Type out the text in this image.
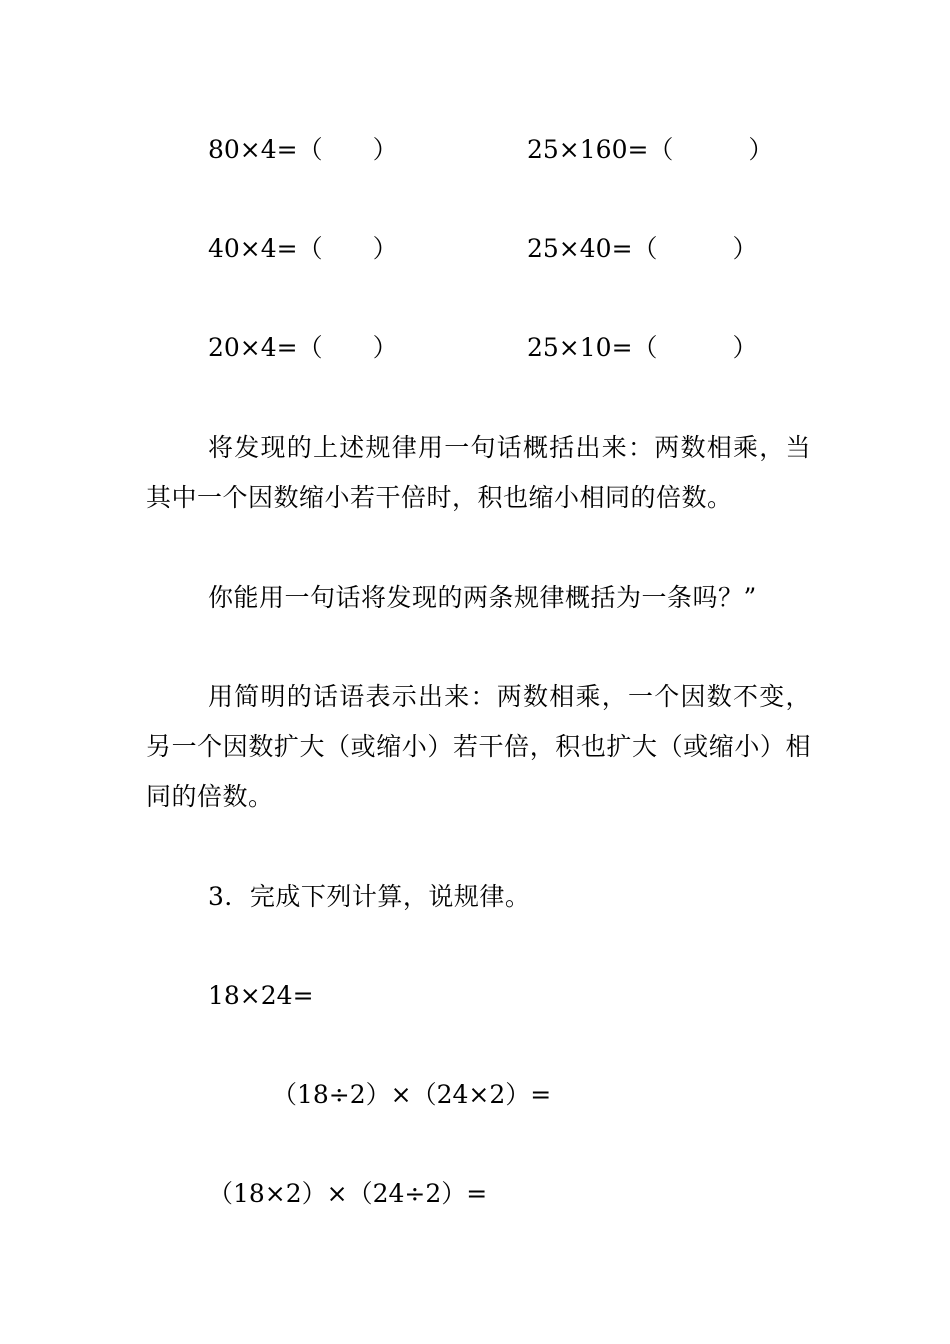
80×4=（　　）	25×160=（　　　）
40×4=（　　）	25×40=（　　　）
20×4=（　　）	25×10=（　　　）

将发现的上述规律用一句话概括出来：两数相乘，当其中一个因数缩小若干倍时，积也缩小相同的倍数。

你能用一句话将发现的两条规律概括为一条吗？”

用简明的话语表示出来：两数相乘，一个因数不变，另一个因数扩大（或缩小）若干倍，积也扩大（或缩小）相同的倍数。

3．完成下列计算，说规律。

18×24=
（18÷2）×（24×2）=
（18×2）×（24÷2）=
